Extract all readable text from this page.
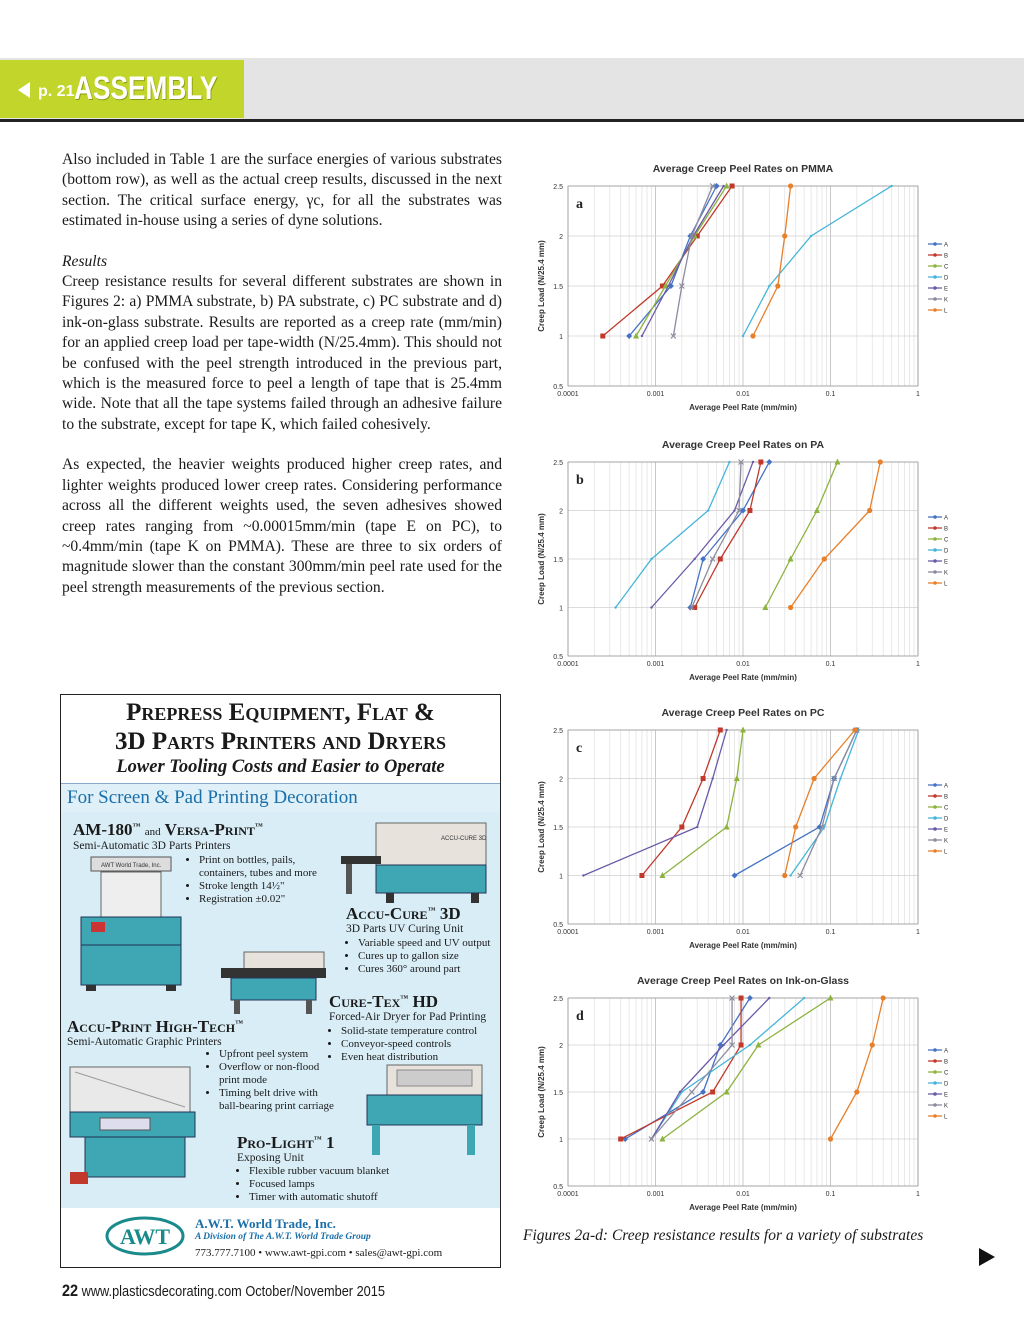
p. 21 ASSEMBLY

Also included in Table 1 are the surface energies of various substrates (bottom row), as well as the actual creep results, discussed in the next section. The critical surface energy, γc, for all the substrates was estimated in-house using a series of dyne solutions.

Results

Creep resistance results for several different substrates are shown in Figures 2: a) PMMA substrate, b) PA substrate, c) PC substrate and d) ink-on-glass substrate. Results are reported as a creep rate (mm/min) for an applied creep load per tape-width (N/25.4mm). This should not be confused with the peel strength introduced in the previous part, which is the measured force to peel a length of tape that is 25.4mm wide. Note that all the tape systems failed through an adhesive failure to the substrate, except for tape K, which failed cohesively.

As expected, the heavier weights produced higher creep rates, and lighter weights produced lower creep rates. Considering performance across all the different weights used, the seven adhesives showed creep rates ranging from ~0.00015mm/min (tape E on PC), to ~0.4mm/min (tape K on PMMA). These are three to six orders of magnitude slower than the constant 300mm/min peel rate used for the peel strength measurements of the previous section.

Prepress Equipment, Flat &
3D Parts Printers and Dryers
Lower Tooling Costs and Easier to Operate
For Screen & Pad Printing Decoration
AM-180™ and Versa-Print™
Semi-Automatic 3D Parts Printers
• Print on bottles, pails, containers, tubes and more
• Stroke length 14½"
• Registration ±0.02"
AWT World Trade, Inc.
ACCU-CURE 3D
Accu-Cure™ 3D
3D Parts UV Curing Unit
• Variable speed and UV output
• Cures up to gallon size
• Cures 360° around part
Cure-Tex™ HD
Forced-Air Dryer for Pad Printing
• Solid-state temperature control
• Conveyor-speed controls
• Even heat distribution
Accu-Print High-Tech™
Semi-Automatic Graphic Printers
• Upfront peel system
• Overflow or non-flood print mode
• Timing belt drive with ball-bearing print carriage
Pro-Light™ 1
Exposing Unit
• Flexible rubber vacuum blanket
• Focused lamps
• Timer with automatic shutoff
AWT
A.W.T. World Trade, Inc.
A Division of The A.W.T. World Trade Group
773.777.7100 • www.awt-gpi.com • sales@awt-gpi.com
Average Creep Peel Rates on PMMA
0.5
1
1.5
2
2.5
0.0001	0.001	0.01	0.1	1
Average Peel Rate (mm/min)
Creep Load (N/25.4 mm)
a
A
B
C
D
E
K
L
Average Creep Peel Rates on PA
0.5
1
1.5
2
2.5
0.0001	0.001	0.01	0.1	1
Average Peel Rate (mm/min)
Creep Load (N/25.4 mm)
b
A
B
C
D
E
K
L
Average Creep Peel Rates on PC
0.5
1
1.5
2
2.5
0.0001	0.001	0.01	0.1	1
Average Peel Rate (mm/min)
Creep Load (N/25.4 mm)
c
A
B
C
D
E
K
L
Average Creep Peel Rates on Ink-on-Glass
0.5
1
1.5
2
2.5
0.0001	0.001	0.01	0.1	1
Average Peel Rate (mm/min)
Creep Load (N/25.4 mm)
d
A
B
C
D
E
K
L
Figures 2a-d: Creep resistance results for a variety of substrates
22 www.plasticsdecorating.com October/November 2015
